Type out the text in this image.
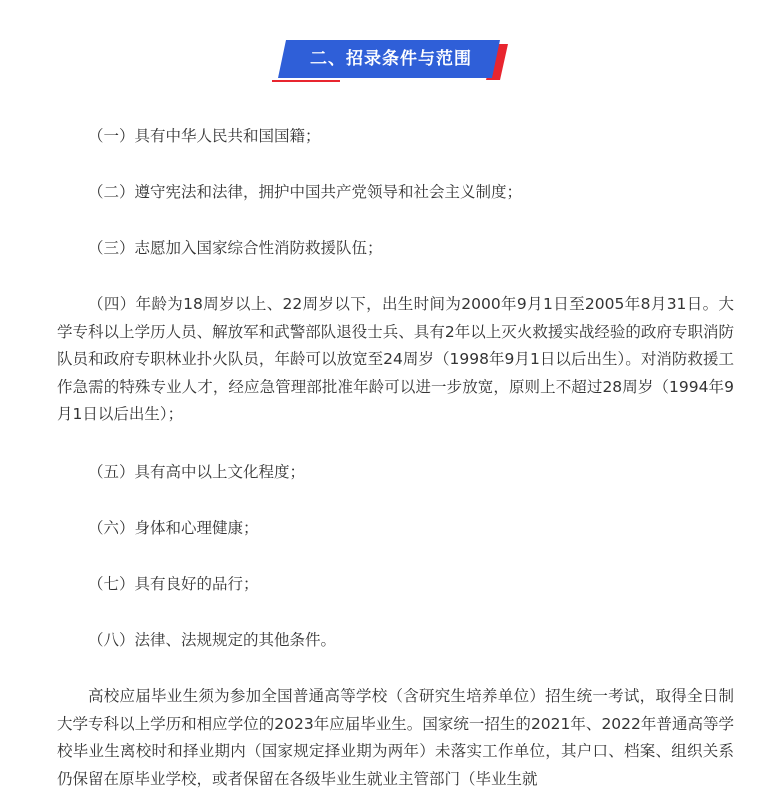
二、招录条件与范围

（一）具有中华人民共和国国籍；

（二）遵守宪法和法律，拥护中国共产党领导和社会主义制度；

（三）志愿加入国家综合性消防救援队伍；

（四）年龄为18周岁以上、22周岁以下，出生时间为2000年9月1日至2005年8月31日。大学专科以上学历人员、解放军和武警部队退役士兵、具有2年以上灭火救援实战经验的政府专职消防队员和政府专职林业扑火队员，年龄可以放宽至24周岁（1998年9月1日以后出生）。对消防救援工作急需的特殊专业人才，经应急管理部批准年龄可以进一步放宽，原则上不超过28周岁（1994年9月1日以后出生）；

（五）具有高中以上文化程度；

（六）身体和心理健康；

（七）具有良好的品行；

（八）法律、法规规定的其他条件。

高校应届毕业生须为参加全国普通高等学校（含研究生培养单位）招生统一考试，取得全日制大学专科以上学历和相应学位的2023年应届毕业生。国家统一招生的2021年、2022年普通高等学校毕业生离校时和择业期内（国家规定择业期为两年）未落实工作单位，其户口、档案、组织关系仍保留在原毕业学校，或者保留在各级毕业生就业主管部门（毕业生就
